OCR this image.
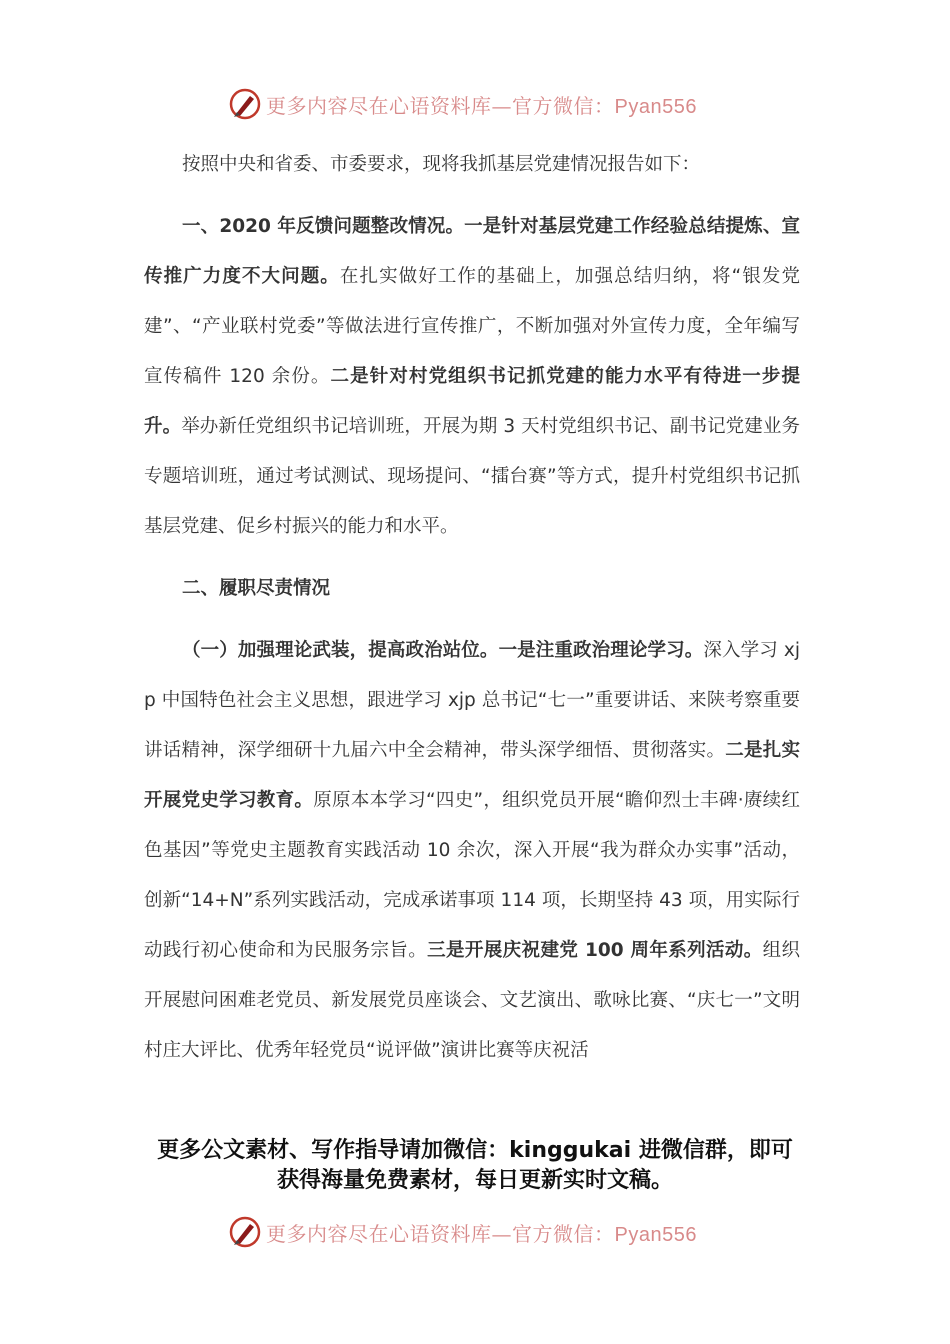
更多内容尽在心语资料库—官方微信：Pyan556

按照中央和省委、市委要求，现将我抓基层党建情况报告如下：

一、2020 年反馈问题整改情况。一是针对基层党建工作经验总结提炼、宣传推广力度不大问题。在扎实做好工作的基础上，加强总结归纳，将“银发党建”、“产业联村党委”等做法进行宣传推广，不断加强对外宣传力度，全年编写宣传稿件 120 余份。二是针对村党组织书记抓党建的能力水平有待进一步提升。举办新任党组织书记培训班，开展为期 3 天村党组织书记、副书记党建业务专题培训班，通过考试测试、现场提问、“擂台赛”等方式，提升村党组织书记抓基层党建、促乡村振兴的能力和水平。

二、履职尽责情况

（一）加强理论武装，提高政治站位。一是注重政治理论学习。深入学习 xjp 中国特色社会主义思想，跟进学习 xjp 总书记“七一”重要讲话、来陕考察重要讲话精神，深学细研十九届六中全会精神，带头深学细悟、贯彻落实。二是扎实开展党史学习教育。原原本本学习“四史”，组织党员开展“瞻仰烈士丰碑·赓续红色基因”等党史主题教育实践活动 10 余次，深入开展“我为群众办实事”活动，创新“14+N”系列实践活动，完成承诺事项 114 项，长期坚持 43 项，用实际行动践行初心使命和为民服务宗旨。三是开展庆祝建党 100 周年系列活动。组织开展慰问困难老党员、新发展党员座谈会、文艺演出、歌咏比赛、“庆七一”文明村庄大评比、优秀年轻党员“说评做”演讲比赛等庆祝活

更多公文素材、写作指导请加微信：kinggukai 进微信群，即可
获得海量免费素材，每日更新实时文稿。
更多内容尽在心语资料库—官方微信：Pyan556
